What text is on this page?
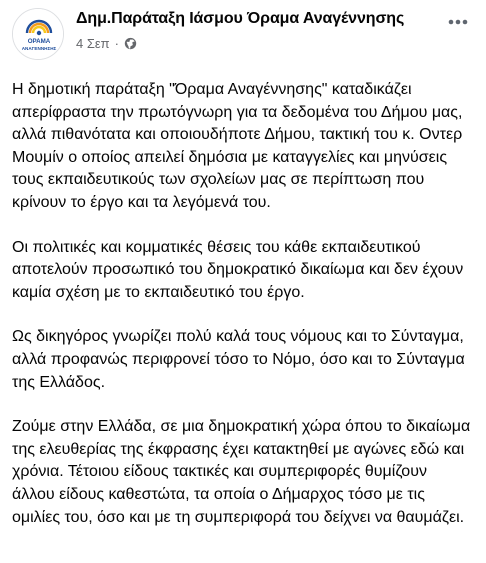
ΟΡΑΜΑ
ΑΝΑΓΕΝΝΗΣΗΣ
Δημ.Παράταξη Ιάσμου Όραμα Αναγέννησης
4 Σεπ ·

Η δημοτική παράταξη "Όραμα Αναγέννησης" καταδικάζει απερίφραστα την πρωτόγνωρη για τα δεδομένα του Δήμου μας, αλλά πιθανότατα και οποιουδήποτε Δήμου, τακτική του κ. Οντερ Μουμίν ο οποίος απειλεί δημόσια με καταγγελίες και μηνύσεις τους εκπαιδευτικούς των σχολείων μας σε περίπτωση που κρίνουν το έργο και τα λεγόμενά του.

Οι πολιτικές και κομματικές θέσεις του κάθε εκπαιδευτικού αποτελούν προσωπικό του δημοκρατικό δικαίωμα και δεν έχουν καμία σχέση με το εκπαιδευτικό του έργο.

Ως δικηγόρος γνωρίζει πολύ καλά τους νόμους και το Σύνταγμα, αλλά προφανώς περιφρονεί τόσο το Νόμο, όσο και το Σύνταγμα της Ελλάδος.

Ζούμε στην Ελλάδα, σε μια δημοκρατική χώρα όπου το δικαίωμα της ελευθερίας της έκφρασης έχει κατακτηθεί με αγώνες εδώ και χρόνια. Τέτοιου είδους τακτικές και συμπεριφορές θυμίζουν άλλου είδους καθεστώτα, τα οποία ο Δήμαρχος τόσο με τις ομιλίες του, όσο και με τη συμπεριφορά του δείχνει να θαυμάζει.
